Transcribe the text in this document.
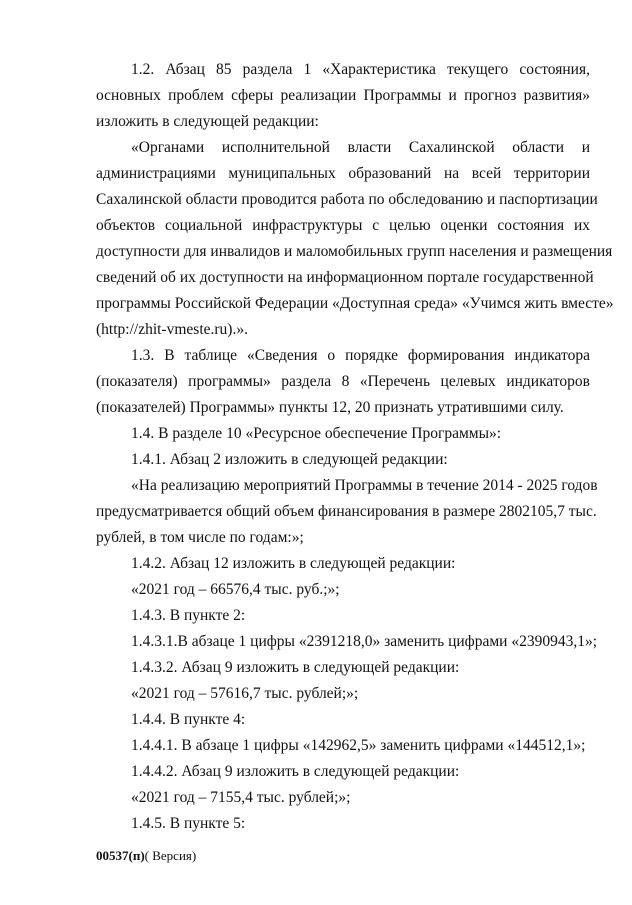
1.2. Абзац 85 раздела 1 «Характеристика текущего состояния,
основных проблем сферы реализации Программы и прогноз развития»
изложить в следующей редакции:
«Органами исполнительной власти Сахалинской области и
администрациями муниципальных образований на всей территории
Сахалинской области проводится работа по обследованию и паспортизации
объектов социальной инфраструктуры с целью оценки состояния их
доступности для инвалидов и маломобильных групп населения и размещения
сведений об их доступности на информационном портале государственной
программы Российской Федерации «Доступная среда» «Учимся жить вместе»
(http://zhit-vmeste.ru).».
1.3. В таблице «Сведения о порядке формирования индикатора
(показателя) программы» раздела 8 «Перечень целевых индикаторов
(показателей) Программы» пункты 12, 20 признать утратившими силу.
1.4. В разделе 10 «Ресурсное обеспечение Программы»:
1.4.1. Абзац 2 изложить в следующей редакции:
«На реализацию мероприятий Программы в течение 2014 - 2025 годов
предусматривается общий объем финансирования в размере 2802105,7 тыс.
рублей, в том числе по годам:»;
1.4.2. Абзац 12 изложить в следующей редакции:
«2021 год – 66576,4 тыс. руб.;»;
1.4.3. В пункте 2:
1.4.3.1.В абзаце 1 цифры «2391218,0» заменить цифрами «2390943,1»;
1.4.3.2. Абзац 9 изложить в следующей редакции:
«2021 год – 57616,7 тыс. рублей;»;
1.4.4. В пункте 4:
1.4.4.1. В абзаце 1 цифры «142962,5» заменить цифрами «144512,1»;
1.4.4.2. Абзац 9 изложить в следующей редакции:
«2021 год – 7155,4 тыс. рублей;»;
1.4.5. В пункте 5:
00537(п)( Версия)
